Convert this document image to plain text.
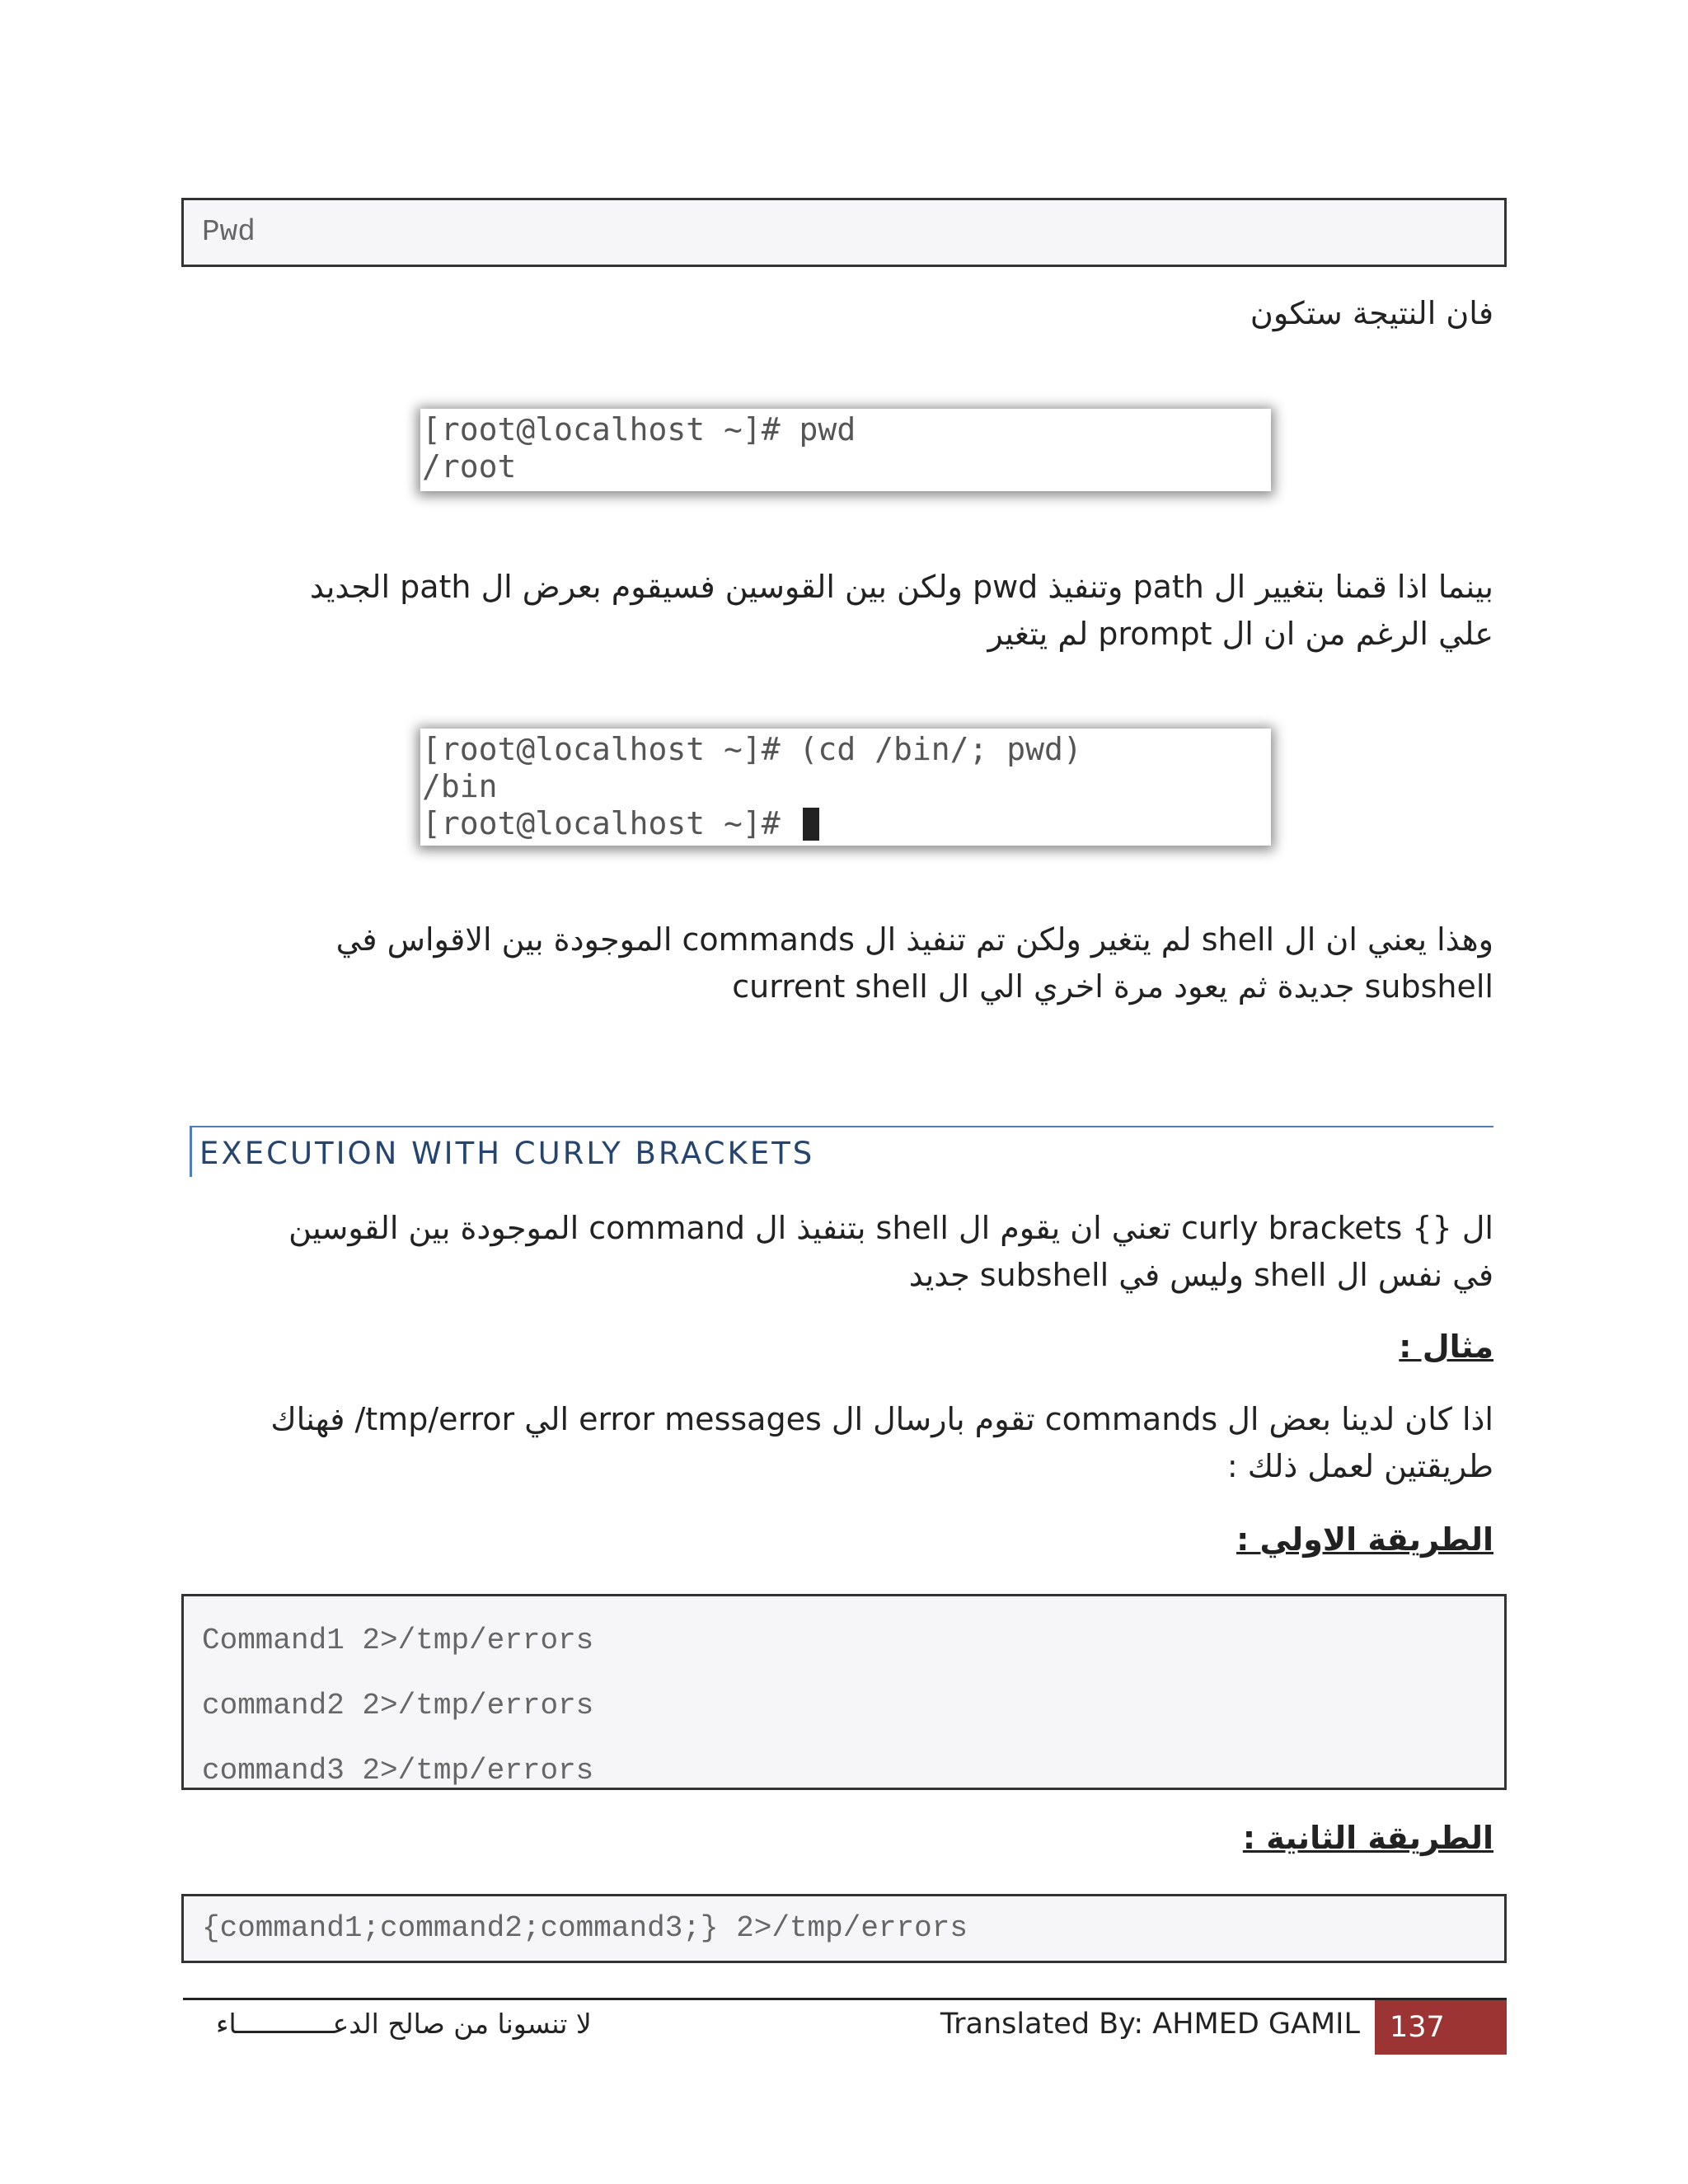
Pwd

فان النتيجة ستكون

[root@localhost ~]# pwd
/root
بينما اذا قمنا بتغيير ال path وتنفيذ pwd ولكن بين القوسين فسيقوم بعرض ال path الجديد
علي الرغم من ان ال prompt لم يتغير
[root@localhost ~]# (cd /bin/; pwd)
/bin
[root@localhost ~]#
وهذا يعني ان ال shell لم يتغير ولكن تم تنفيذ ال commands الموجودة بين الاقواس في
subshell جديدة ثم يعود مرة اخري الي ال current shell
EXECUTION WITH CURLY BRACKETS
ال {} curly brackets تعني ان يقوم ال shell بتنفيذ ال command الموجودة بين القوسين
في نفس ال shell وليس في subshell جديد
مثال :
اذا كان لدينا بعض ال commands تقوم بارسال ال error messages الي tmp/error/ فهناك
طريقتين لعمل ذلك :
الطريقة الاولي :
Command1 2>/tmp/errors
command2 2>/tmp/errors
command3 2>/tmp/errors
الطريقة الثانية :
{command1;command2;command3;} 2>/tmp/errors
لا تنسونا من صالح الدعــــــــــــاء	Translated By: AHMED GAMIL	137
